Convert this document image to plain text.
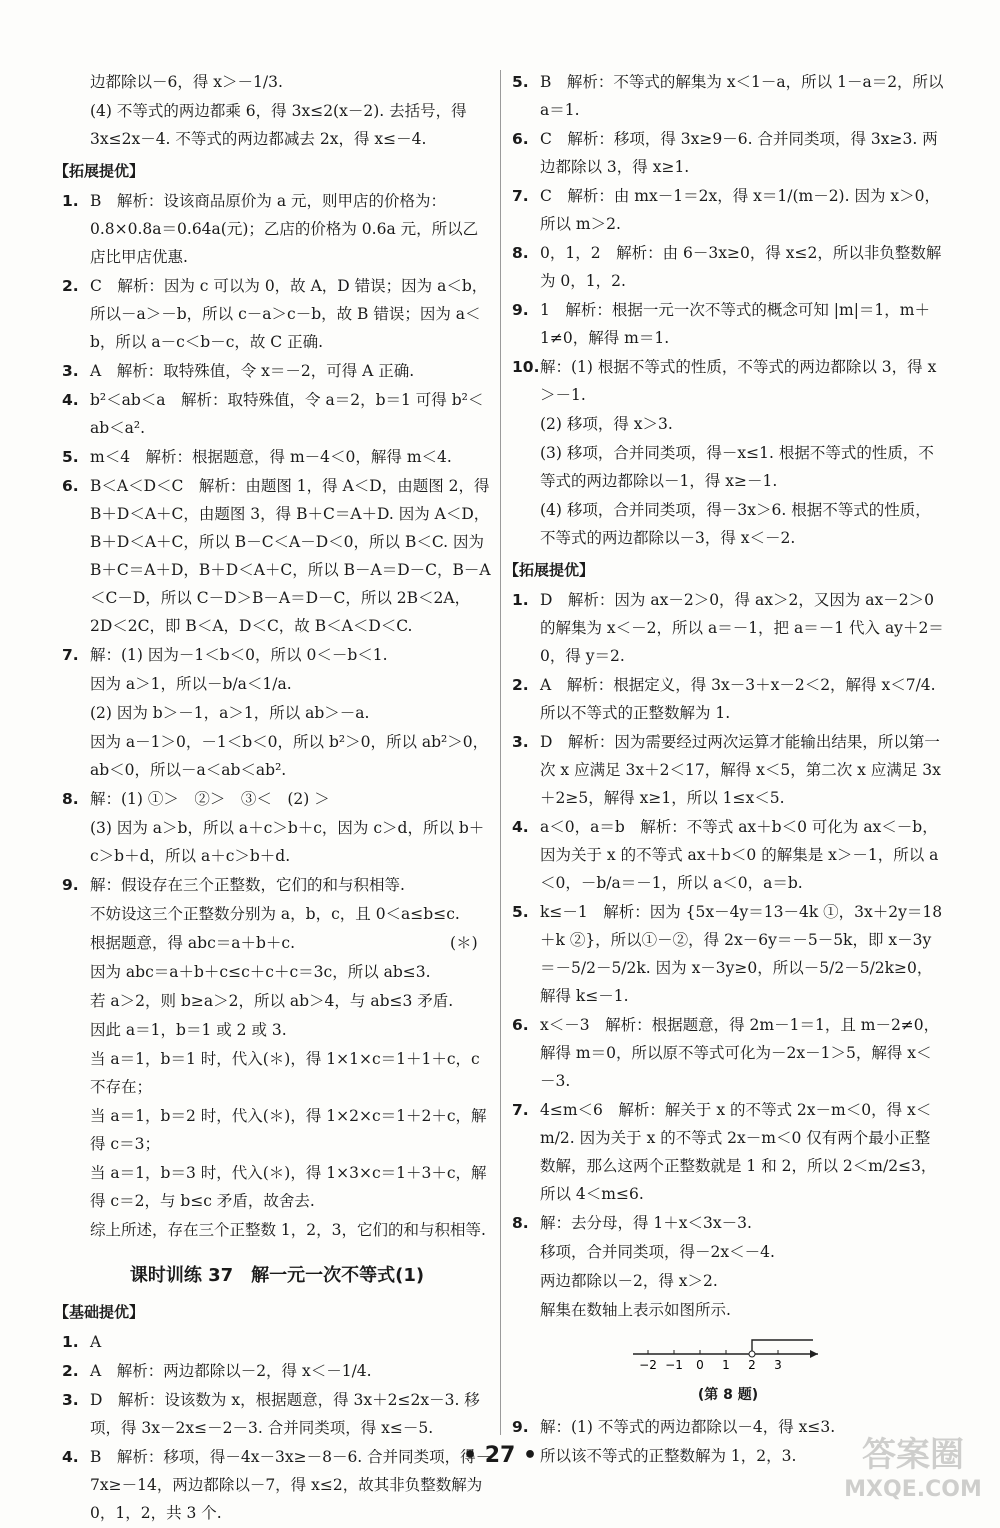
边都除以－6，得 x＞－1/3.

(4) 不等式的两边都乘 6，得 3x≤2(x－2). 去括号，得 3x≤2x－4. 不等式的两边都减去 2x，得 x≤－4.

【拓展提优】

1. B　解析：设该商品原价为 a 元，则甲店的价格为：0.8×0.8a＝0.64a(元)；乙店的价格为 0.6a 元，所以乙店比甲店优惠.

2. C　解析：因为 c 可以为 0，故 A，D 错误；因为 a＜b，所以－a＞－b，所以 c－a＞c－b，故 B 错误；因为 a＜b，所以 a－c＜b－c，故 C 正确.

3. A　解析：取特殊值，令 x＝－2，可得 A 正确.

4. b²＜ab＜a　解析：取特殊值，令 a＝2，b＝1 可得 b²＜ab＜a².

5. m＜4　解析：根据题意，得 m－4＜0，解得 m＜4.

6. B＜A＜D＜C　解析：由题图 1，得 A＜D，由题图 2，得 B＋D＜A＋C，由题图 3，得 B＋C＝A＋D. 因为 A＜D，B＋D＜A＋C，所以 B－C＜A－D＜0，所以 B＜C. 因为 B＋C＝A＋D，B＋D＜A＋C，所以 B－A＝D－C，B－A＜C－D，所以 C－D＞B－A＝D－C，所以 2B＜2A，2D＜2C，即 B＜A，D＜C，故 B＜A＜D＜C.

7. 解：(1) 因为－1＜b＜0，所以 0＜－b＜1.

因为 a＞1，所以－b/a＜1/a.

(2) 因为 b＞－1，a＞1，所以 ab＞－a.

因为 a－1＞0，－1＜b＜0，所以 b²＞0，所以 ab²＞0，ab＜0，所以－a＜ab＜ab².

8. 解：(1) ①＞　②＞　③＜　(2) ＞

(3) 因为 a＞b，所以 a＋c＞b＋c，因为 c＞d，所以 b＋c＞b＋d，所以 a＋c＞b＋d.

9. 解：假设存在三个正整数，它们的和与积相等.

不妨设这三个正整数分别为 a，b，c，且 0＜a≤b≤c.

根据题意，得 abc＝a＋b＋c.　　　　　　　　　　(＊)

因为 abc＝a＋b＋c≤c＋c＋c＝3c，所以 ab≤3.

若 a＞2，则 b≥a＞2，所以 ab＞4，与 ab≤3 矛盾.

因此 a＝1，b＝1 或 2 或 3.

当 a＝1，b＝1 时，代入(＊)，得 1×1×c＝1＋1＋c，c 不存在；

当 a＝1，b＝2 时，代入(＊)，得 1×2×c＝1＋2＋c，解得 c＝3；

当 a＝1，b＝3 时，代入(＊)，得 1×3×c＝1＋3＋c，解得 c＝2，与 b≤c 矛盾，故舍去.

综上所述，存在三个正整数 1，2，3，它们的和与积相等.

课时训练 37　解一元一次不等式(1)
【基础提优】

1. A

2. A　解析：两边都除以－2，得 x＜－1/4.

3. D　解析：设该数为 x，根据题意，得 3x＋2≤2x－3. 移项，得 3x－2x≤－2－3. 合并同类项，得 x≤－5.

4. B　解析：移项，得－4x－3x≥－8－6. 合并同类项，得－7x≥－14，两边都除以－7，得 x≤2，故其非负整数解为 0，1，2，共 3 个.

5. B　解析：不等式的解集为 x＜1－a，所以 1－a＝2，所以 a＝1.

6. C　解析：移项，得 3x≥9－6. 合并同类项，得 3x≥3. 两边都除以 3，得 x≥1.

7. C　解析：由 mx－1＝2x，得 x＝1/(m－2). 因为 x＞0，所以 m＞2.

8. 0，1，2　解析：由 6－3x≥0，得 x≤2，所以非负整数解为 0，1，2.

9. 1　解析：根据一元一次不等式的概念可知 |m|＝1，m＋1≠0，解得 m＝1.

10.解：(1) 根据不等式的性质，不等式的两边都除以 3，得 x＞－1.

(2) 移项，得 x＞3.

(3) 移项，合并同类项，得－x≤1. 根据不等式的性质，不等式的两边都除以－1，得 x≥－1.

(4) 移项，合并同类项，得－3x＞6. 根据不等式的性质，不等式的两边都除以－3，得 x＜－2.

【拓展提优】

1. D　解析：因为 ax－2＞0，得 ax＞2，又因为 ax－2＞0 的解集为 x＜－2，所以 a＝－1，把 a＝－1 代入 ay＋2＝0，得 y＝2.

2. A　解析：根据定义，得 3x－3＋x－2＜2，解得 x＜7/4. 所以不等式的正整数解为 1.

3. D　解析：因为需要经过两次运算才能输出结果，所以第一次 x 应满足 3x＋2＜17，解得 x＜5，第二次 x 应满足 3x＋2≥5，解得 x≥1，所以 1≤x＜5.

4. a＜0，a＝b　解析：不等式 ax＋b＜0 可化为 ax＜－b，因为关于 x 的不等式 ax＋b＜0 的解集是 x＞－1，所以 a＜0，－b/a＝－1，所以 a＜0，a＝b.

5. k≤－1　解析：因为 {5x－4y＝13－4k ①，3x＋2y＝18＋k ②}，所以①－②，得 2x－6y＝－5－5k，即 x－3y＝－5/2－5/2k. 因为 x－3y≥0，所以－5/2－5/2k≥0，解得 k≤－1.

6. x＜－3　解析：根据题意，得 2m－1＝1，且 m－2≠0，解得 m＝0，所以原不等式可化为－2x－1＞5，解得 x＜－3.

7. 4≤m＜6　解析：解关于 x 的不等式 2x－m＜0，得 x＜m/2. 因为关于 x 的不等式 2x－m＜0 仅有两个最小正整数解，那么这两个正整数就是 1 和 2，所以 2＜m/2≤3，所以 4＜m≤6.

8. 解：去分母，得 1＋x＜3x－3.

移项，合并同类项，得－2x＜－4.

两边都除以－2，得 x＞2.

解集在数轴上表示如图所示.

−2 −1 0 1 2 3
(第 8 题)

9. 解：(1) 不等式的两边都除以－4，得 x≤3.

所以该不等式的正整数解为 1，2，3.

• 27 •	答案圈
MXQE.COM
